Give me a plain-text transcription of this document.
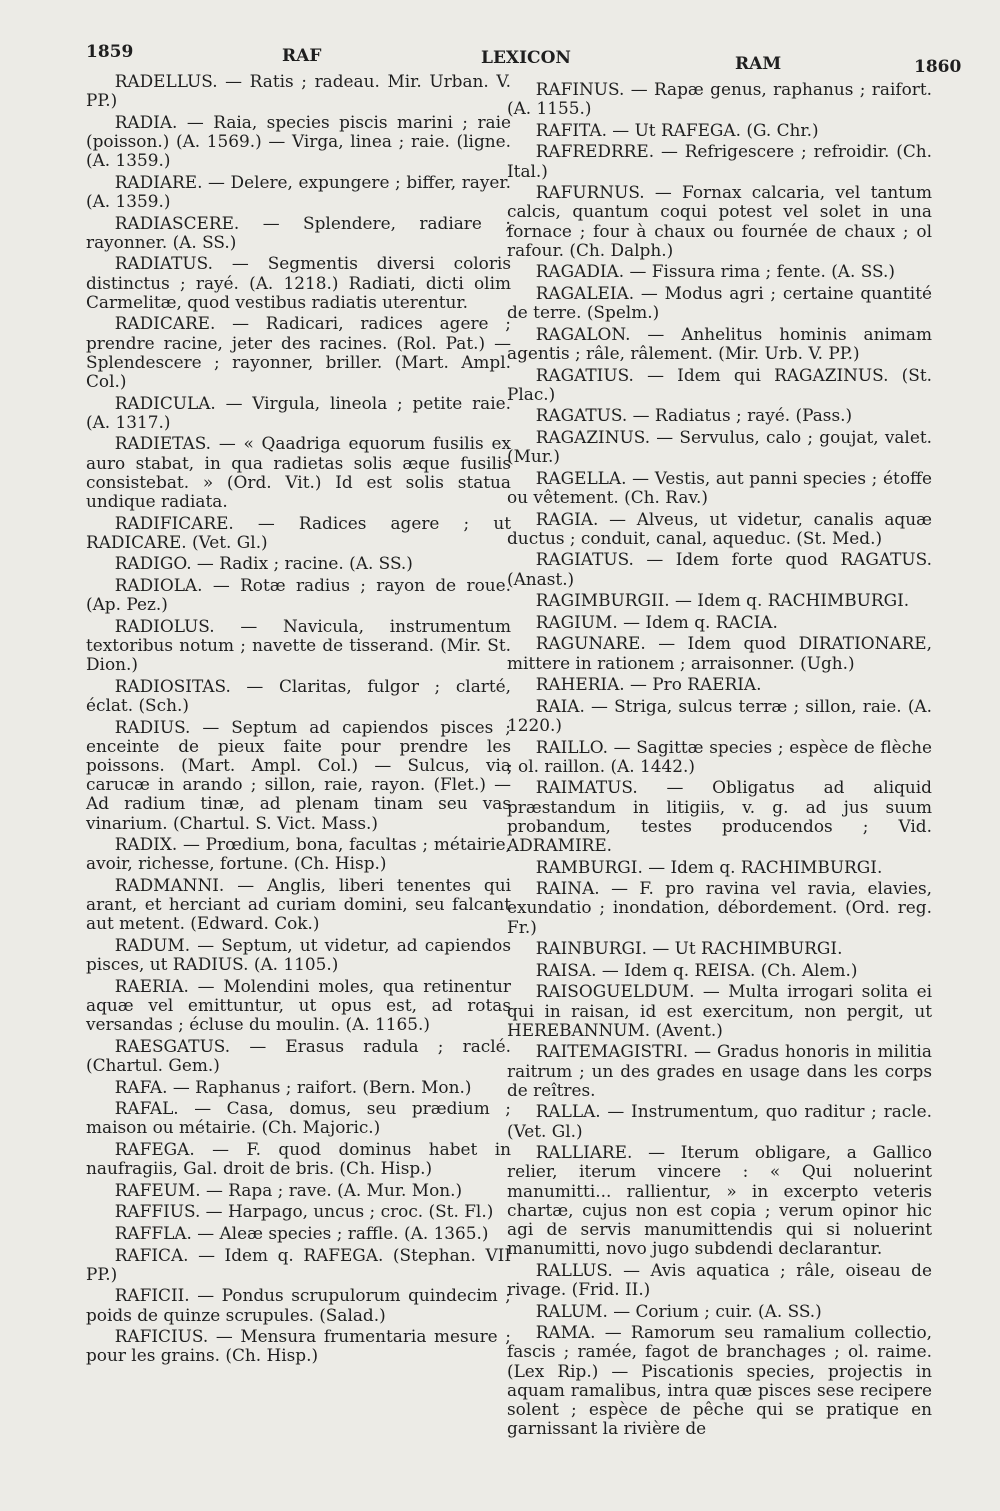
1859	RAF	LEXICON	RAM	1860

RADELLUS. — Ratis ; radeau. Mir. Urban. V. PP.)

RADIA. — Raia, species piscis marini ; raie (poisson.) (A. 1569.) — Virga, linea ; raie. (ligne. (A. 1359.)

RADIARE. — Delere, expungere ; biffer, rayer. (A. 1359.)

RADIASCERE. — Splendere, radiare ; rayonner. (A. SS.)

RADIATUS. — Segmentis diversi coloris distinctus ; rayé. (A. 1218.) Radiati, dicti olim Carmelitæ, quod vestibus radiatis uterentur.

RADICARE. — Radicari, radices agere ; prendre racine, jeter des racines. (Rol. Pat.) — Splendescere ; rayonner, briller. (Mart. Ampl. Col.)

RADICULA. — Virgula, lineola ; petite raie. (A. 1317.)

RADIETAS. — « Qaadriga equorum fusilis ex auro stabat, in qua radietas solis æque fusilis consistebat. » (Ord. Vit.) Id est solis statua undique radiata.

RADIFICARE. — Radices agere ; ut RADICARE. (Vet. Gl.)

RADIGO. — Radix ; racine. (A. SS.)

RADIOLA. — Rotæ radius ; rayon de roue. (Ap. Pez.)

RADIOLUS. — Navicula, instrumentum textoribus notum ; navette de tisserand. (Mir. St. Dion.)

RADIOSITAS. — Claritas, fulgor ; clarté, éclat. (Sch.)

RADIUS. — Septum ad capiendos pisces ; enceinte de pieux faite pour prendre les poissons. (Mart. Ampl. Col.) — Sulcus, via carucæ in arando ; sillon, raie, rayon. (Flet.) — Ad radium tinæ, ad plenam tinam seu vas vinarium. (Chartul. S. Vict. Mass.)

RADIX. — Prœdium, bona, facultas ; métairie, avoir, richesse, fortune. (Ch. Hisp.)

RADMANNI. — Anglis, liberi tenentes qui arant, et herciant ad curiam domini, seu falcant aut metent. (Edward. Cok.)

RADUM. — Septum, ut videtur, ad capiendos pisces, ut RADIUS. (A. 1105.)

RAERIA. — Molendini moles, qua retinentur aquæ vel emittuntur, ut opus est, ad rotas versandas ; écluse du moulin. (A. 1165.)

RAESGATUS. — Erasus radula ; raclé. (Chartul. Gem.)

RAFA. — Raphanus ; raifort. (Bern. Mon.)

RAFAL. — Casa, domus, seu prædium ; maison ou métairie. (Ch. Majoric.)

RAFEGA. — F. quod dominus habet in naufragiis, Gal. droit de bris. (Ch. Hisp.)

RAFEUM. — Rapa ; rave. (A. Mur. Mon.)

RAFFIUS. — Harpago, uncus ; croc. (St. Fl.)

RAFFLA. — Aleæ species ; raffle. (A. 1365.)

RAFICA. — Idem q. RAFEGA. (Stephan. VII PP.)

RAFICII. — Pondus scrupulorum quindecim ; poids de quinze scrupules. (Salad.)

RAFICIUS. — Mensura frumentaria mesure ; pour les grains. (Ch. Hisp.)

RAFINUS. — Rapæ genus, raphanus ; raifort. (A. 1155.)

RAFITA. — Ut RAFEGA. (G. Chr.)

RAFREDRRE. — Refrigescere ; refroidir. (Ch. Ital.)

RAFURNUS. — Fornax calcaria, vel tantum calcis, quantum coqui potest vel solet in una fornace ; four à chaux ou fournée de chaux ; ol rafour. (Ch. Dalph.)

RAGADIA. — Fissura rima ; fente. (A. SS.)

RAGALEIA. — Modus agri ; certaine quantité de terre. (Spelm.)

RAGALON. — Anhelitus hominis animam agentis ; râle, râlement. (Mir. Urb. V. PP.)

RAGATIUS. — Idem qui RAGAZINUS. (St. Plac.)

RAGATUS. — Radiatus ; rayé. (Pass.)

RAGAZINUS. — Servulus, calo ; goujat, valet. (Mur.)

RAGELLA. — Vestis, aut panni species ; étoffe ou vêtement. (Ch. Rav.)

RAGIA. — Alveus, ut videtur, canalis aquæ ductus ; conduit, canal, aqueduc. (St. Med.)

RAGIATUS. — Idem forte quod RAGATUS. (Anast.)

RAGIMBURGII. — Idem q. RACHIMBURGI.

RAGIUM. — Idem q. RACIA.

RAGUNARE. — Idem quod DIRATIONARE, mittere in rationem ; arraisonner. (Ugh.)

RAHERIA. — Pro RAERIA.

RAIA. — Striga, sulcus terræ ; sillon, raie. (A. 1220.)

RAILLO. — Sagittæ species ; espèce de flèche ; ol. raillon. (A. 1442.)

RAIMATUS. — Obligatus ad aliquid præstandum in litigiis, v. g. ad jus suum probandum, testes producendos ; Vid. ADRAMIRE.

RAMBURGI. — Idem q. RACHIMBURGI.

RAINA. — F. pro ravina vel ravia, elavies, exundatio ; inondation, débordement. (Ord. reg. Fr.)

RAINBURGI. — Ut RACHIMBURGI.

RAISA. — Idem q. REISA. (Ch. Alem.)

RAISOGUELDUM. — Multa irrogari solita ei qui in raisan, id est exercitum, non pergit, ut HEREBANNUM. (Avent.)

RAITEMAGISTRI. — Gradus honoris in militia raitrum ; un des grades en usage dans les corps de reîtres.

RALLA. — Instrumentum, quo raditur ; racle. (Vet. Gl.)

RALLIARE. — Iterum obligare, a Gallico relier, iterum vincere : « Qui noluerint manumitti... rallientur, » in excerpto veteris chartæ, cujus non est copia ; verum opinor hic agi de servis manumittendis qui si noluerint manumitti, novo jugo subdendi declarantur.

RALLUS. — Avis aquatica ; râle, oiseau de rivage. (Frid. II.)

RALUM. — Corium ; cuir. (A. SS.)

RAMA. — Ramorum seu ramalium collectio, fascis ; ramée, fagot de branchages ; ol. raime. (Lex Rip.) — Piscationis species, projectis in aquam ramalibus, intra quæ pisces sese recipere solent ; espèce de pêche qui se pratique en garnissant la rivière de
